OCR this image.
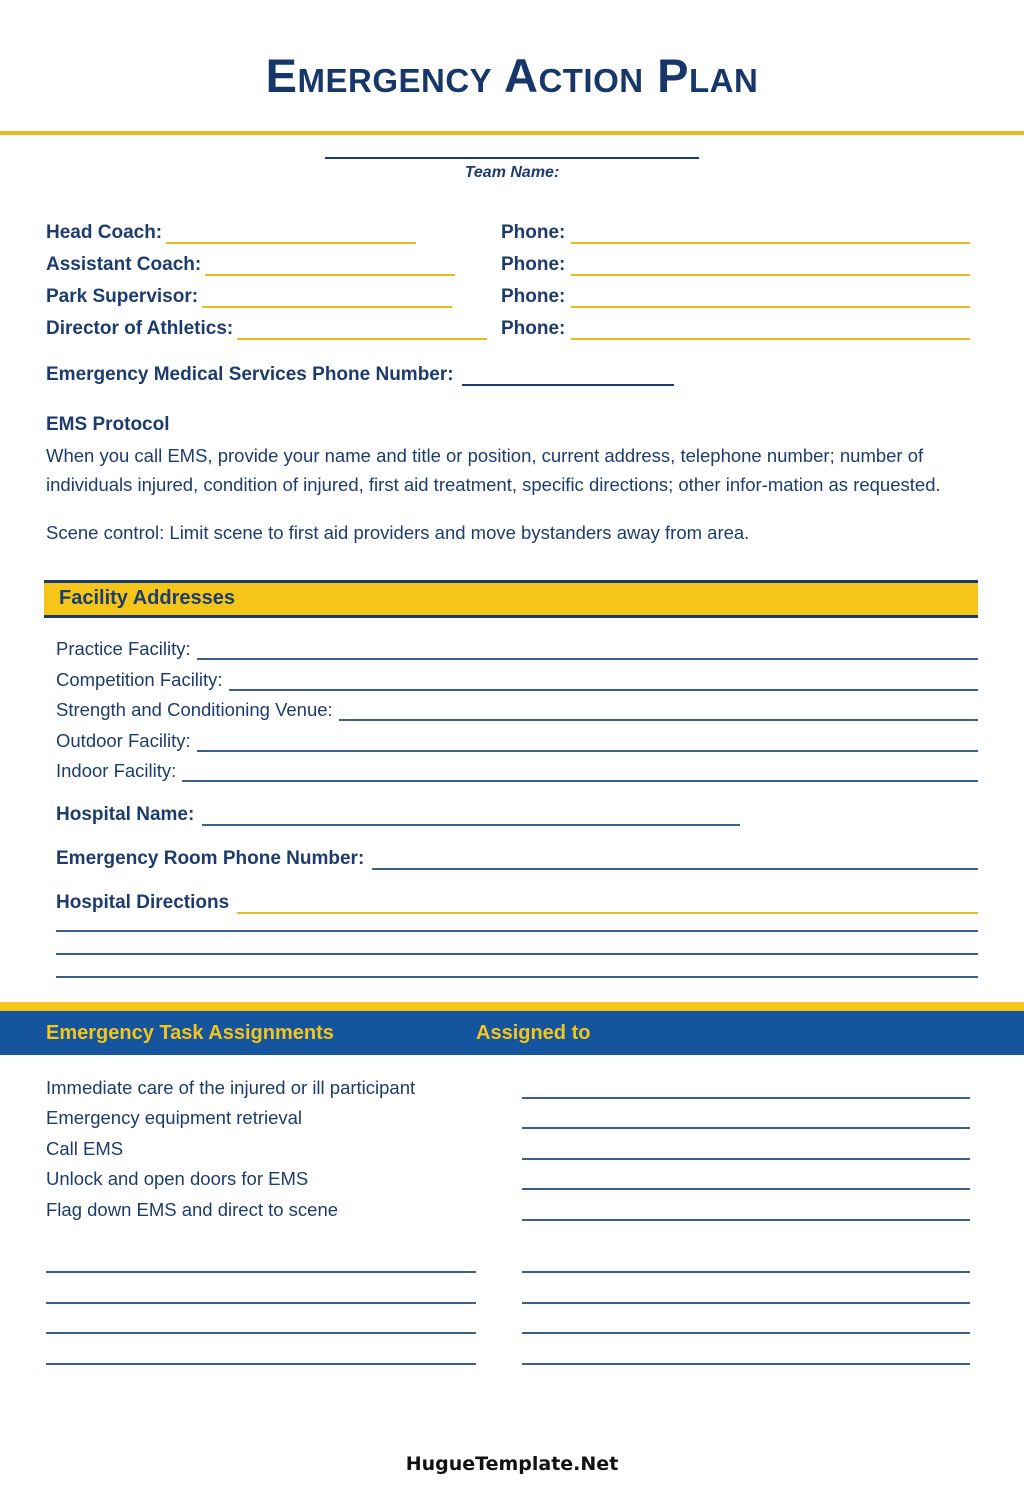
Emergency Action Plan
Team Name:
Head Coach:	Phone:
Assistant Coach:	Phone:
Park Supervisor:	Phone:
Director of Athletics:	Phone:
Emergency Medical Services Phone Number:
EMS Protocol

When you call EMS, provide your name and title or position, current address, telephone number; number of individuals injured, condition of injured, first aid treatment, specific directions; other infor-mation as requested.

Scene control: Limit scene to first aid providers and move bystanders away from area.

Facility Addresses
Practice Facility:
Competition Facility:
Strength and Conditioning Venue:
Outdoor Facility:
Indoor Facility:
Hospital Name:
Emergency Room Phone Number:
Hospital Directions
Emergency Task Assignments	Assigned to
Immediate care of the injured or ill participant
Emergency equipment retrieval
Call EMS
Unlock and open doors for EMS
Flag down EMS and direct to scene
HugueTemplate.Net
